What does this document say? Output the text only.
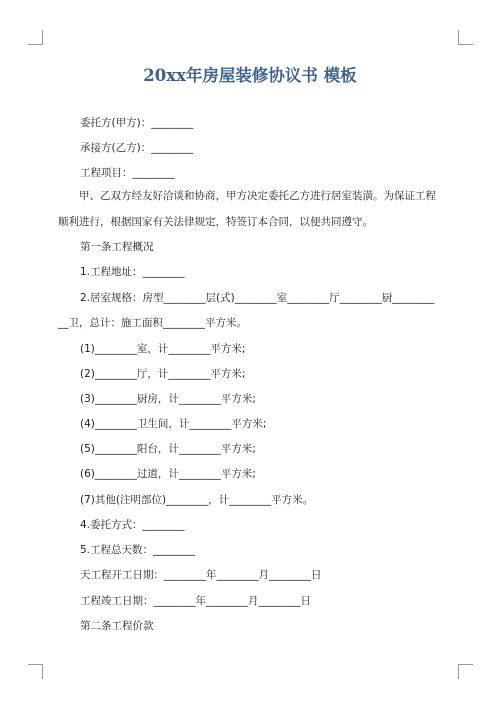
20xx年房屋装修协议书 模板
委托方(甲方)：________
承接方(乙方)：________
工程项目：________
甲、乙双方经友好洽谈和协商，甲方决定委托乙方进行居室装潢。为保证工程顺利进行，根据国家有关法律规定，特签订本合同，以便共同遵守。
第一条工程概况
1.工程地址：________
2.居室规格：房型________层(式)________室________厅________厨________
__卫，总计：施工面积________平方米。
(1)________室，计________平方米;
(2)________厅，计________平方米;
(3)________厨房，计________平方米;
(4)________卫生间，计________平方米;
(5)________阳台，计________平方米;
(6)________过道，计________平方米;
(7)其他(注明部位)________，计________平方米。
4.委托方式：________
5.工程总天数：________
天工程开工日期：________年________月________日
工程竣工日期：________年________月________日
第二条工程价款
